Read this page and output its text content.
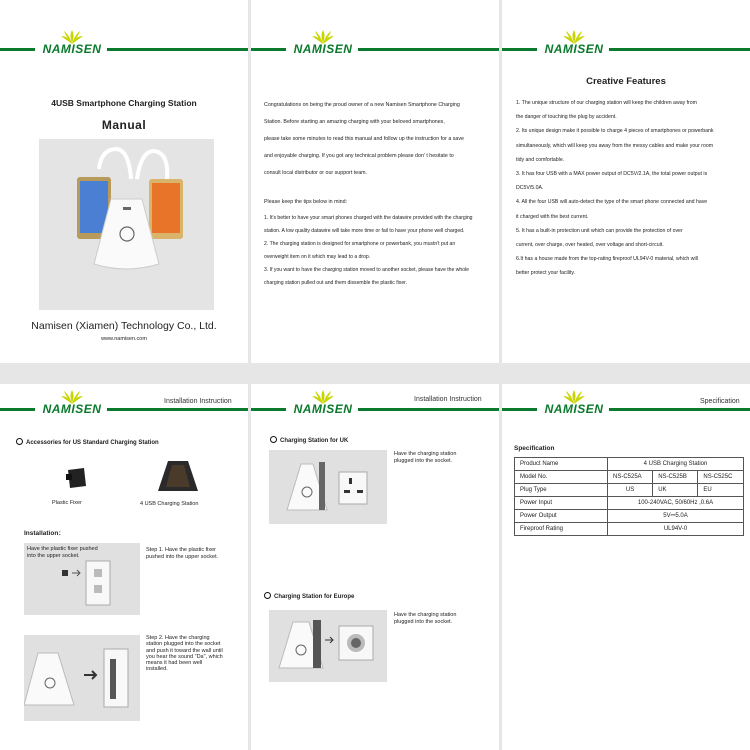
NAMISEN
4USB Smartphone Charging Station
Manual
Namisen (Xiamen) Technology Co., Ltd.
www.namisen.com
NAMISEN
Congratulations on being the proud owner of a new Namisen Smartphone Charging
Station. Before starting an amazing charging with your beloved smartphones,
please take some minutes to read this manual and follow up the instruction for a save
and enjoyable charging. If you got any technical problem please don’ t hesitate to
consult local distributor or our support team.
Please keep the tips below in mind:
1. It's better to have your smart phones charged with the datawire provided with the charging
station. A low quality datawire will take more time or fail to have your phone well charged.
2. The charging station is designed for smartphone or powerbank, you mustn't put an
overweight item on it which may lead to a drop.
3. If you want to have the charging station moved to another socket, please have the whole
charging station pulled out and them dissemble the plastic fixer.
NAMISEN
Creative Features
1. The unique structure of our charging station will keep the children away from
the danger of touching the plug by accident.
2. Its unique design make it possible to charge 4 pieces of smartphones or powerbank
simultaneously, which will keep you away from the messy cables and make your room
tidy and comfortable.
3. It has four USB with a MAX power output of DC5V/2.1A, the total power output is
DC5V/5.0A.
4. All the four USB will auto-detect the type of the smart phone connected and have
it charged with the best current.
5. It has a built-in protection unit which can provide the protection of over
current, over charge, over heated, over voltage and short-circuit.
6.It has a house made from the top-rating fireproof UL94V-0 material, which will
better protect your facility.
NAMISEN
Installation Instruction
Accessories for US Standard Charging Station
Plastic Fixer	4 USB Charging Station
Installation：
Have the plastic fixer pushed
into the upper socket.
Step 1. Have the plastic fixer
pushed into the upper socket.
Step 2. Have the charging
station plugged into the socket
and push it toward the wall until
you hear the sound "Da", which
means it had been well
installed.
NAMISEN
Installation Instruction
Charging Station for UK
Have the charging station
plugged into the socket.
Charging Station for Europe
Have the charging station
plugged into the socket.
NAMISEN
Specification
Specification
Product Name	4 USB Charging Station		
Model No.	NS-C525A	NS-C525B	NS-C525C
Plug Type	US	UK	EU
Power Input	100-240VAC, 50/60Hz ,0.6A		
Power Output	5V⎓5.0A		
Fireproof Rating	UL94V-0		
